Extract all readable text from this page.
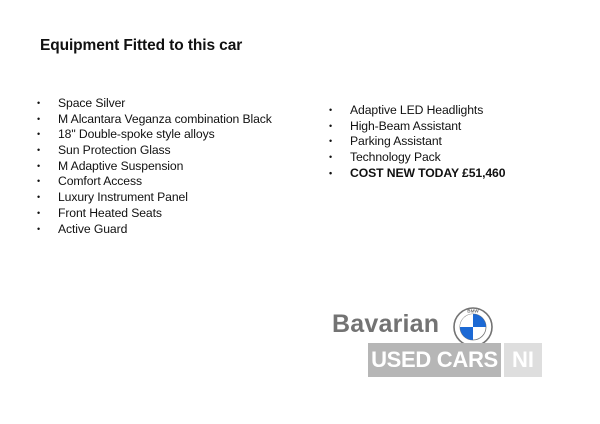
Equipment Fitted to this car
• Space Silver
• M Alcantara Veganza combination Black
• 18" Double-spoke style alloys
• Sun Protection Glass
• M Adaptive Suspension
• Comfort Access
• Luxury Instrument Panel
• Front Heated Seats
• Active Guard
• Adaptive LED Headlights
• High-Beam Assistant
• Parking Assistant
• Technology Pack
• COST NEW TODAY £51,460
Bavarian	BMW
USED CARS NI
